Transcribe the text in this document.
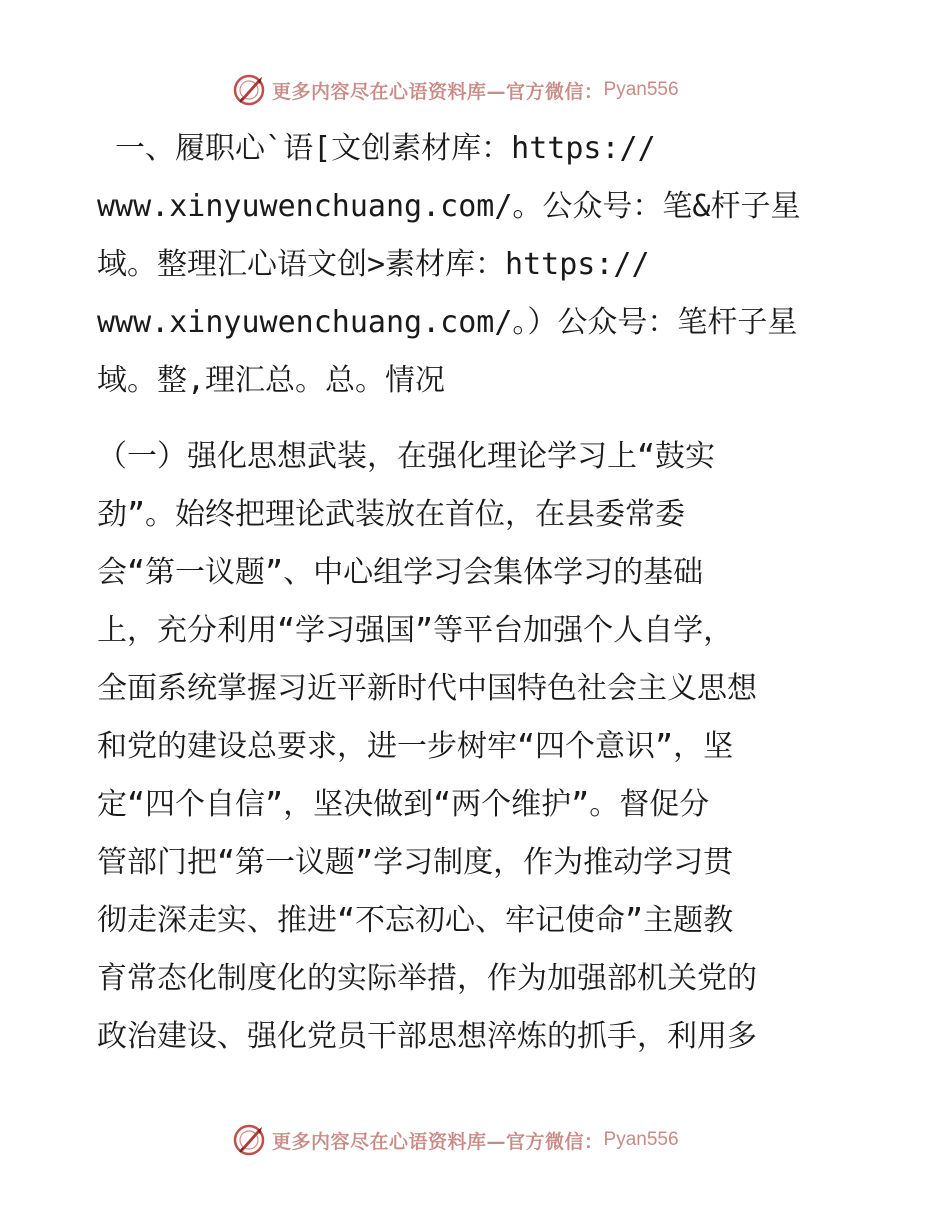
更多内容尽在心语资料库—官方微信： Pyan556
一、履职心`语[文创素材库：https://
www.xinyuwenchuang.com/。公众号：笔&杆子星
域。整理汇心语文创>素材库：https://
www.xinyuwenchuang.com/。）公众号：笔杆子星
域。整,理汇总。总。情况
（一）强化思想武装，在强化理论学习上“鼓实
劲”。始终把理论武装放在首位，在县委常委
会“第一议题”、中心组学习会集体学习的基础
上，充分利用“学习强国”等平台加强个人自学，
全面系统掌握习近平新时代中国特色社会主义思想
和党的建设总要求，进一步树牢“四个意识”，坚
定“四个自信”，坚决做到“两个维护”。督促分
管部门把“第一议题”学习制度，作为推动学习贯
彻走深走实、推进“不忘初心、牢记使命”主题教
育常态化制度化的实际举措，作为加强部机关党的
政治建设、强化党员干部思想淬炼的抓手，利用多
更多内容尽在心语资料库—官方微信： Pyan556
